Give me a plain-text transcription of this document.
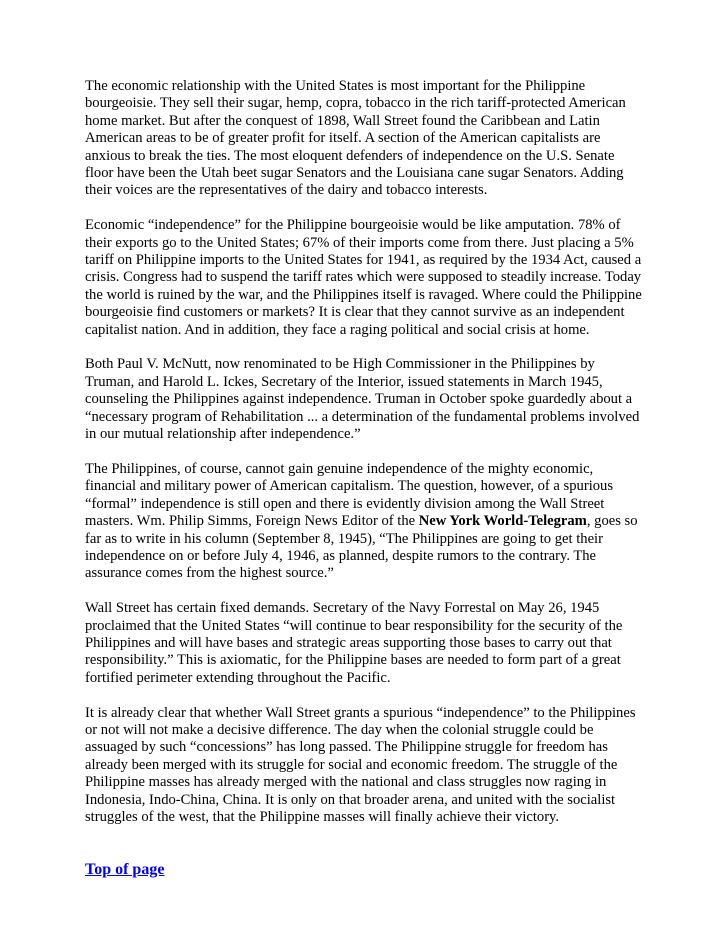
The economic relationship with the United States is most important for the Philippine bourgeoisie. They sell their sugar, hemp, copra, tobacco in the rich tariff-protected American home market. But after the conquest of 1898, Wall Street found the Caribbean and Latin American areas to be of greater profit for itself. A section of the American capitalists are anxious to break the ties. The most eloquent defenders of independence on the U.S. Senate floor have been the Utah beet sugar Senators and the Louisiana cane sugar Senators. Adding their voices are the representatives of the dairy and tobacco interests.

Economic “independence” for the Philippine bourgeoisie would be like amputation. 78% of their exports go to the United States; 67% of their imports come from there. Just placing a 5% tariff on Philippine imports to the United States for 1941, as required by the 1934 Act, caused a crisis. Congress had to suspend the tariff rates which were supposed to steadily increase. Today the world is ruined by the war, and the Philippines itself is ravaged. Where could the Philippine bourgeoisie find customers or markets? It is clear that they cannot survive as an independent capitalist nation. And in addition, they face a raging political and social crisis at home.

Both Paul V. McNutt, now renominated to be High Commissioner in the Philippines by Truman, and Harold L. Ickes, Secretary of the Interior, issued statements in March 1945, counseling the Philippines against independence. Truman in October spoke guardedly about a “necessary program of Rehabilitation ... a determination of the fundamental problems involved in our mutual relationship after independence.”

The Philippines, of course, cannot gain genuine independence of the mighty economic, financial and military power of American capitalism. The question, however, of a spurious “formal” independence is still open and there is evidently division among the Wall Street masters. Wm. Philip Simms, Foreign News Editor of the New York World-Telegram, goes so far as to write in his column (September 8, 1945), “The Philippines are going to get their independence on or before July 4, 1946, as planned, despite rumors to the contrary. The assurance comes from the highest source.”

Wall Street has certain fixed demands. Secretary of the Navy Forrestal on May 26, 1945 proclaimed that the United States “will continue to bear responsibility for the security of the Philippines and will have bases and strategic areas supporting those bases to carry out that responsibility.” This is axiomatic, for the Philippine bases are needed to form part of a great fortified perimeter extending throughout the Pacific.

It is already clear that whether Wall Street grants a spurious “independence” to the Philippines or not will not make a decisive difference. The day when the colonial struggle could be assuaged by such “concessions” has long passed. The Philippine struggle for freedom has already been merged with its struggle for social and economic freedom. The struggle of the Philippine masses has already merged with the national and class struggles now raging in Indonesia, Indo-China, China. It is only on that broader arena, and united with the socialist struggles of the west, that the Philippine masses will finally achieve their victory.

Top of page
